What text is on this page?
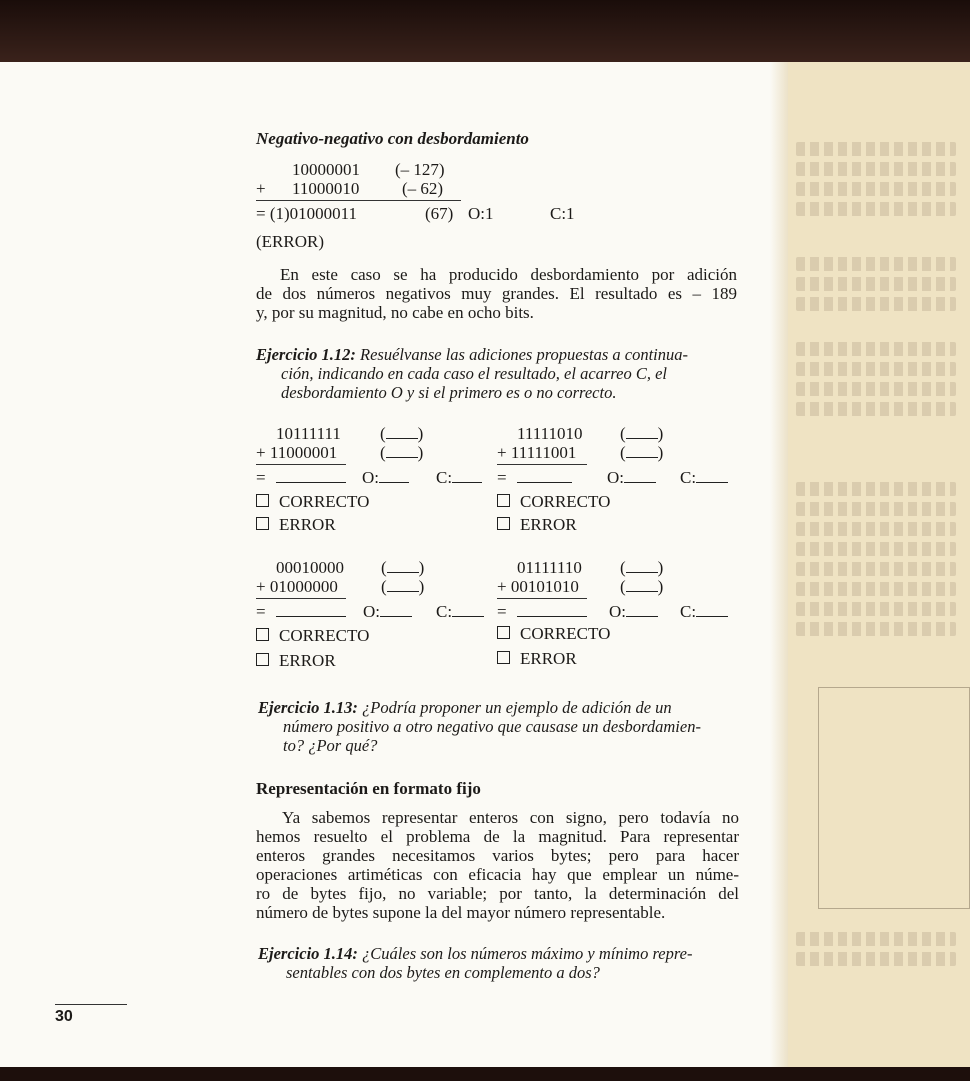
Negativo-negativo con desbordamiento
10000001 (– 127)
+ 11000010	(– 62)
= (1)01000011	(67) O:1	C:1
(ERROR)
En este caso se ha producido desbordamiento por adición
de dos números negativos muy grandes. El resultado es – 189
y, por su magnitud, no cabe en ocho bits.
Ejercicio 1.12: Resuélvanse las adiciones propuestas a continua-
ción, indicando en cada caso el resultado, el acarreo C, el
desbordamiento O y si el primero es o no correcto.
10111111 ( )
+ 11000001	( )
=	O:	C:
CORRECTO
ERROR
11111010 ( )
+ 11111001	( )
=	O:	C:
CORRECTO
ERROR
00010000 ( )
+ 01000000	( )
=	O:	C:
CORRECTO
ERROR
01111110 ( )
+ 00101010 ( )
=	O:	C:
CORRECTO
ERROR
Ejercicio 1.13: ¿Podría proponer un ejemplo de adición de un
número positivo a otro negativo que causase un desbordamien-
to? ¿Por qué?
Representación en formato fijo
Ya sabemos representar enteros con signo, pero todavía no
hemos resuelto el problema de la magnitud. Para representar
enteros grandes necesitamos varios bytes; pero para hacer
operaciones artiméticas con eficacia hay que emplear un núme-
ro de bytes fijo, no variable; por tanto, la determinación del
número de bytes supone la del mayor número representable.
Ejercicio 1.14: ¿Cuáles son los números máximo y mínimo repre-
sentables con dos bytes en complemento a dos?
30
